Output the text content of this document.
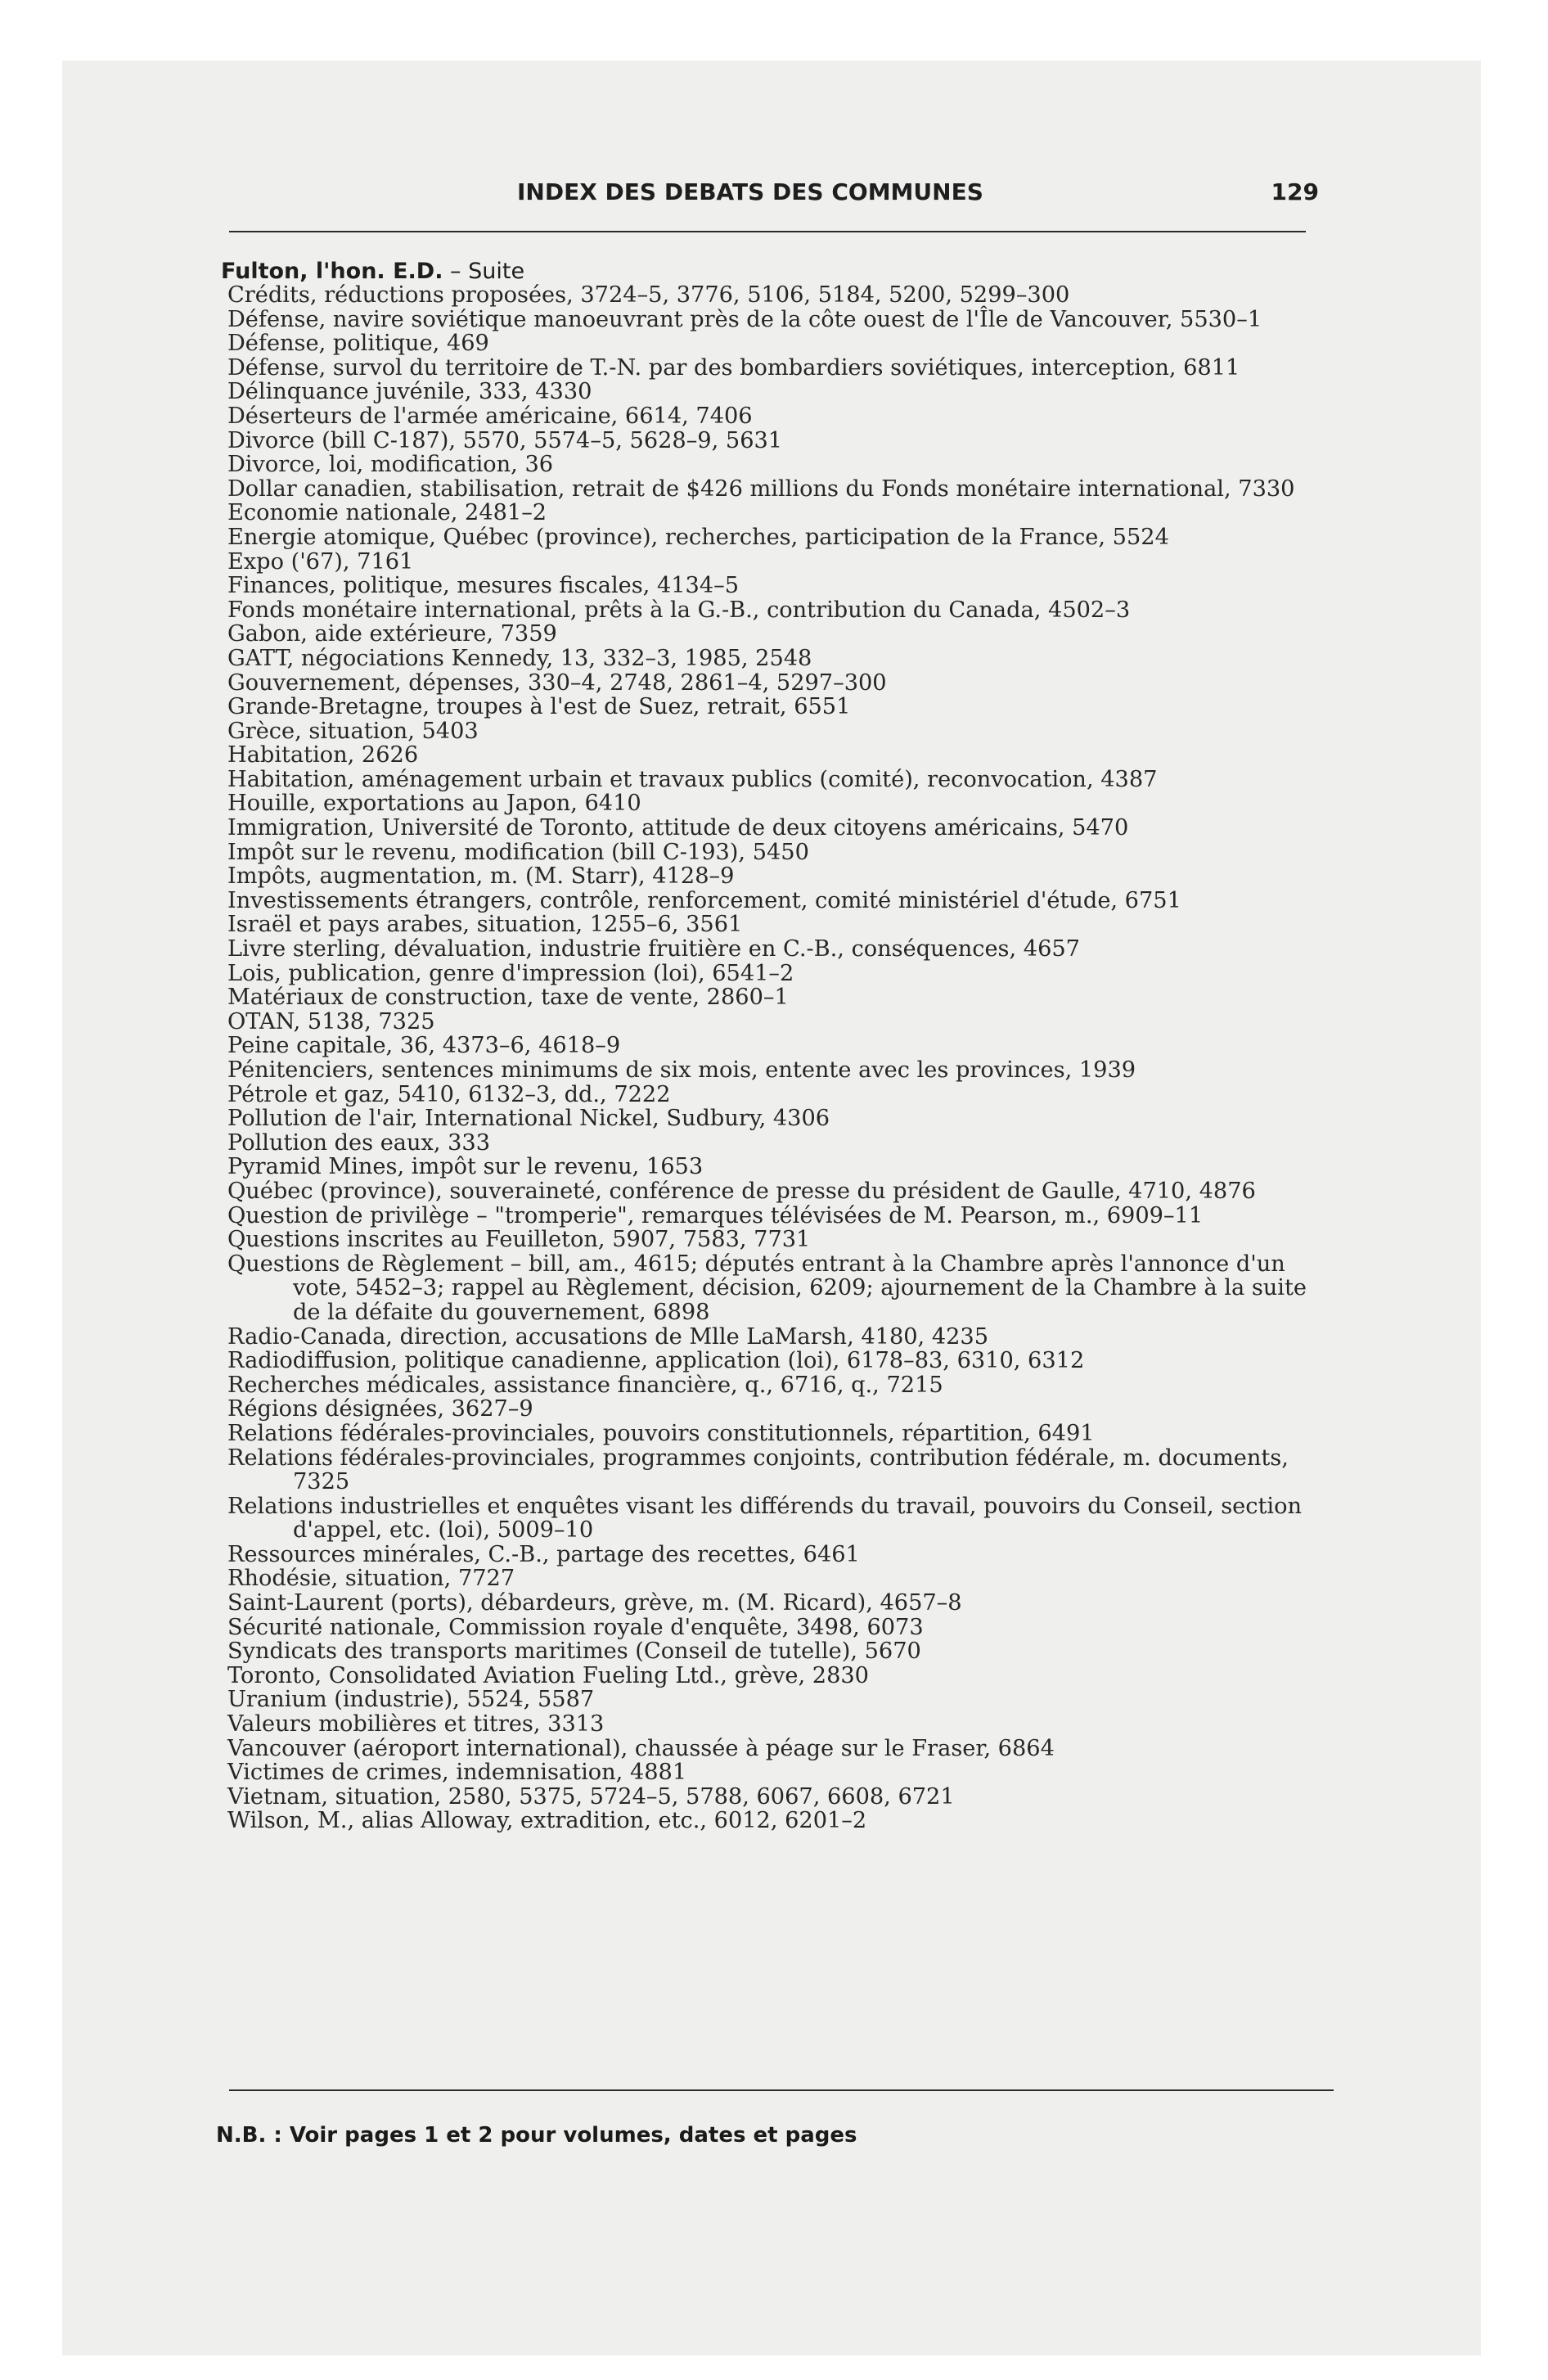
INDEX DES DEBATS DES COMMUNES	129
Fulton, l'hon. E.D. – Suite
Crédits, réductions proposées, 3724–5, 3776, 5106, 5184, 5200, 5299–300
Défense, navire soviétique manoeuvrant près de la côte ouest de l'Île de Vancouver, 5530–1
Défense, politique, 469
Défense, survol du territoire de T.-N. par des bombardiers soviétiques, interception, 6811
Délinquance juvénile, 333, 4330
Déserteurs de l'armée américaine, 6614, 7406
Divorce (bill C-187), 5570, 5574–5, 5628–9, 5631
Divorce, loi, modification, 36
Dollar canadien, stabilisation, retrait de $426 millions du Fonds monétaire international, 7330
Economie nationale, 2481–2
Energie atomique, Québec (province), recherches, participation de la France, 5524
Expo ('67), 7161
Finances, politique, mesures fiscales, 4134–5
Fonds monétaire international, prêts à la G.-B., contribution du Canada, 4502–3
Gabon, aide extérieure, 7359
GATT, négociations Kennedy, 13, 332–3, 1985, 2548
Gouvernement, dépenses, 330–4, 2748, 2861–4, 5297–300
Grande-Bretagne, troupes à l'est de Suez, retrait, 6551
Grèce, situation, 5403
Habitation, 2626
Habitation, aménagement urbain et travaux publics (comité), reconvocation, 4387
Houille, exportations au Japon, 6410
Immigration, Université de Toronto, attitude de deux citoyens américains, 5470
Impôt sur le revenu, modification (bill C-193), 5450
Impôts, augmentation, m. (M. Starr), 4128–9
Investissements étrangers, contrôle, renforcement, comité ministériel d'étude, 6751
Israël et pays arabes, situation, 1255–6, 3561
Livre sterling, dévaluation, industrie fruitière en C.-B., conséquences, 4657
Lois, publication, genre d'impression (loi), 6541–2
Matériaux de construction, taxe de vente, 2860–1
OTAN, 5138, 7325
Peine capitale, 36, 4373–6, 4618–9
Pénitenciers, sentences minimums de six mois, entente avec les provinces, 1939
Pétrole et gaz, 5410, 6132–3, dd., 7222
Pollution de l'air, International Nickel, Sudbury, 4306
Pollution des eaux, 333
Pyramid Mines, impôt sur le revenu, 1653
Québec (province), souveraineté, conférence de presse du président de Gaulle, 4710, 4876
Question de privilège – "tromperie", remarques télévisées de M. Pearson, m., 6909–11
Questions inscrites au Feuilleton, 5907, 7583, 7731
Questions de Règlement – bill, am., 4615; députés entrant à la Chambre après l'annonce d'un vote, 5452–3; rappel au Règlement, décision, 6209; ajournement de la Chambre à la suite de la défaite du gouvernement, 6898
Radio-Canada, direction, accusations de Mlle LaMarsh, 4180, 4235
Radiodiffusion, politique canadienne, application (loi), 6178–83, 6310, 6312
Recherches médicales, assistance financière, q., 6716, q., 7215
Régions désignées, 3627–9
Relations fédérales-provinciales, pouvoirs constitutionnels, répartition, 6491
Relations fédérales-provinciales, programmes conjoints, contribution fédérale, m. documents, 7325
Relations industrielles et enquêtes visant les différends du travail, pouvoirs du Conseil, section d'appel, etc. (loi), 5009–10
Ressources minérales, C.-B., partage des recettes, 6461
Rhodésie, situation, 7727
Saint-Laurent (ports), débardeurs, grève, m. (M. Ricard), 4657–8
Sécurité nationale, Commission royale d'enquête, 3498, 6073
Syndicats des transports maritimes (Conseil de tutelle), 5670
Toronto, Consolidated Aviation Fueling Ltd., grève, 2830
Uranium (industrie), 5524, 5587
Valeurs mobilières et titres, 3313
Vancouver (aéroport international), chaussée à péage sur le Fraser, 6864
Victimes de crimes, indemnisation, 4881
Vietnam, situation, 2580, 5375, 5724–5, 5788, 6067, 6608, 6721
Wilson, M., alias Alloway, extradition, etc., 6012, 6201–2
N.B. : Voir pages 1 et 2 pour volumes, dates et pages
